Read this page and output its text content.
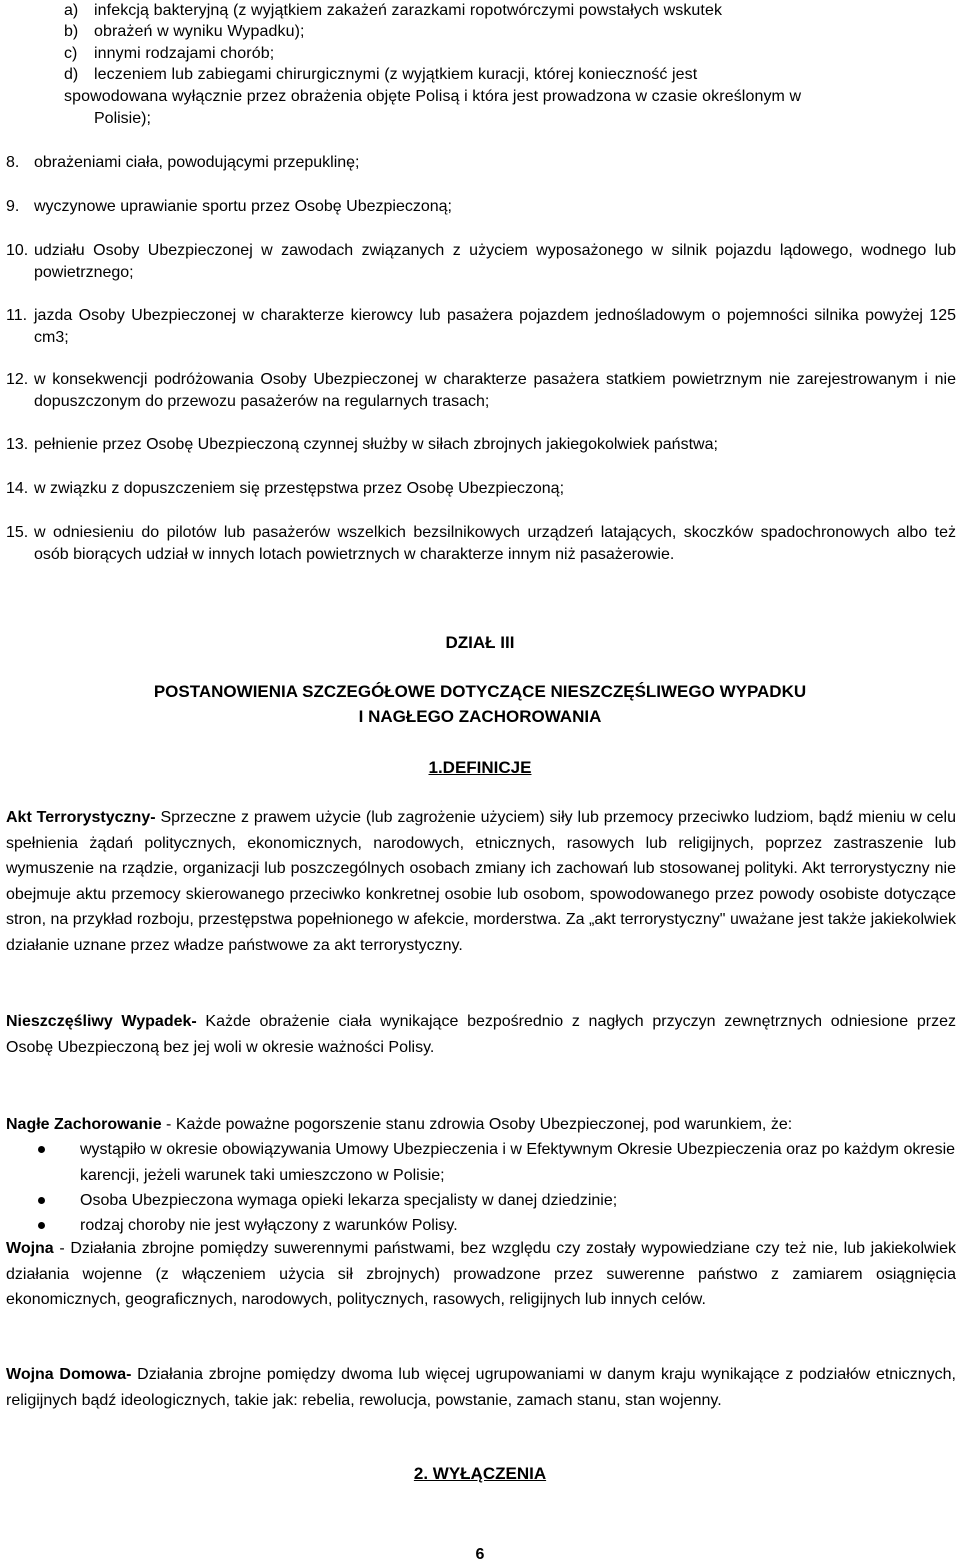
a) infekcją bakteryjną (z wyjątkiem zakażeń zarazkami ropotwórczymi powstałych wskutek
b) obrażeń w wyniku Wypadku);
c)	innymi rodzajami chorób;
d) leczeniem lub zabiegami chirurgicznymi (z wyjątkiem kuracji, której konieczność jest
spowodowana wyłącznie przez obrażenia objęte Polisą i która jest prowadzona w czasie określonym w
Polisie);
8. obrażeniami ciała, powodującymi przepuklinę;
9. wyczynowe uprawianie sportu przez Osobę Ubezpieczoną;
10. udziału Osoby Ubezpieczonej w zawodach związanych z użyciem wyposażonego w silnik pojazdu lądowego, wodnego lub powietrznego;
11. jazda Osoby Ubezpieczonej w charakterze kierowcy lub pasażera pojazdem jednośladowym o pojemności silnika powyżej 125 cm3;
12. w konsekwencji podróżowania Osoby Ubezpieczonej w charakterze pasażera statkiem powietrznym nie zarejestrowanym i nie dopuszczonym do przewozu pasażerów na regularnych trasach;
13. pełnienie przez Osobę Ubezpieczoną czynnej służby w siłach zbrojnych jakiegokolwiek państwa;
14. w związku z dopuszczeniem się przestępstwa przez Osobę Ubezpieczoną;
15. w odniesieniu do pilotów lub pasażerów wszelkich bezsilnikowych urządzeń latających, skoczków spadochronowych albo też osób biorących udział w innych lotach powietrznych w charakterze innym niż pasażerowie.
DZIAŁ III
POSTANOWIENIA SZCZEGÓŁOWE DOTYCZĄCE NIESZCZĘŚLIWEGO WYPADKU
I NAGŁEGO ZACHOROWANIA
1.DEFINICJE
Akt Terrorystyczny- Sprzeczne z prawem użycie (lub zagrożenie użyciem) siły lub przemocy przeciwko ludziom, bądź mieniu w celu spełnienia żądań politycznych, ekonomicznych, narodowych, etnicznych, rasowych lub religijnych, poprzez zastraszenie lub wymuszenie na rządzie, organizacji lub poszczególnych osobach zmiany ich zachowań lub stosowanej polityki. Akt terrorystyczny nie obejmuje aktu przemocy skierowanego przeciwko konkretnej osobie lub osobom, spowodowanego przez powody osobiste dotyczące stron, na przykład rozboju, przestępstwa popełnionego w afekcie, morderstwa. Za „akt terrorystyczny" uważane jest także jakiekolwiek działanie uznane przez władze państwowe za akt terrorystyczny.
Nieszczęśliwy Wypadek- Każde obrażenie ciała wynikające bezpośrednio z nagłych przyczyn zewnętrznych odniesione przez Osobę Ubezpieczoną bez jej woli w okresie ważności Polisy.
Nagłe Zachorowanie - Każde poważne pogorszenie stanu zdrowia Osoby Ubezpieczonej, pod warunkiem, że:
wystąpiło w okresie obowiązywania Umowy Ubezpieczenia i w Efektywnym Okresie Ubezpieczenia oraz po każdym okresie karencji, jeżeli warunek taki umieszczono w Polisie;
Osoba Ubezpieczona wymaga opieki lekarza specjalisty w danej dziedzinie;
rodzaj choroby nie jest wyłączony z warunków Polisy.
Wojna - Działania zbrojne pomiędzy suwerennymi państwami, bez względu czy zostały wypowiedziane czy też nie, lub jakiekolwiek działania wojenne (z włączeniem użycia sił zbrojnych) prowadzone przez suwerenne państwo z zamiarem osiągnięcia ekonomicznych, geograficznych, narodowych, politycznych, rasowych, religijnych lub innych celów.
Wojna Domowa- Działania zbrojne pomiędzy dwoma lub więcej ugrupowaniami w danym kraju wynikające z podziałów etnicznych, religijnych bądź ideologicznych, takie jak: rebelia, rewolucja, powstanie, zamach stanu, stan wojenny.
2. WYŁĄCZENIA
6
